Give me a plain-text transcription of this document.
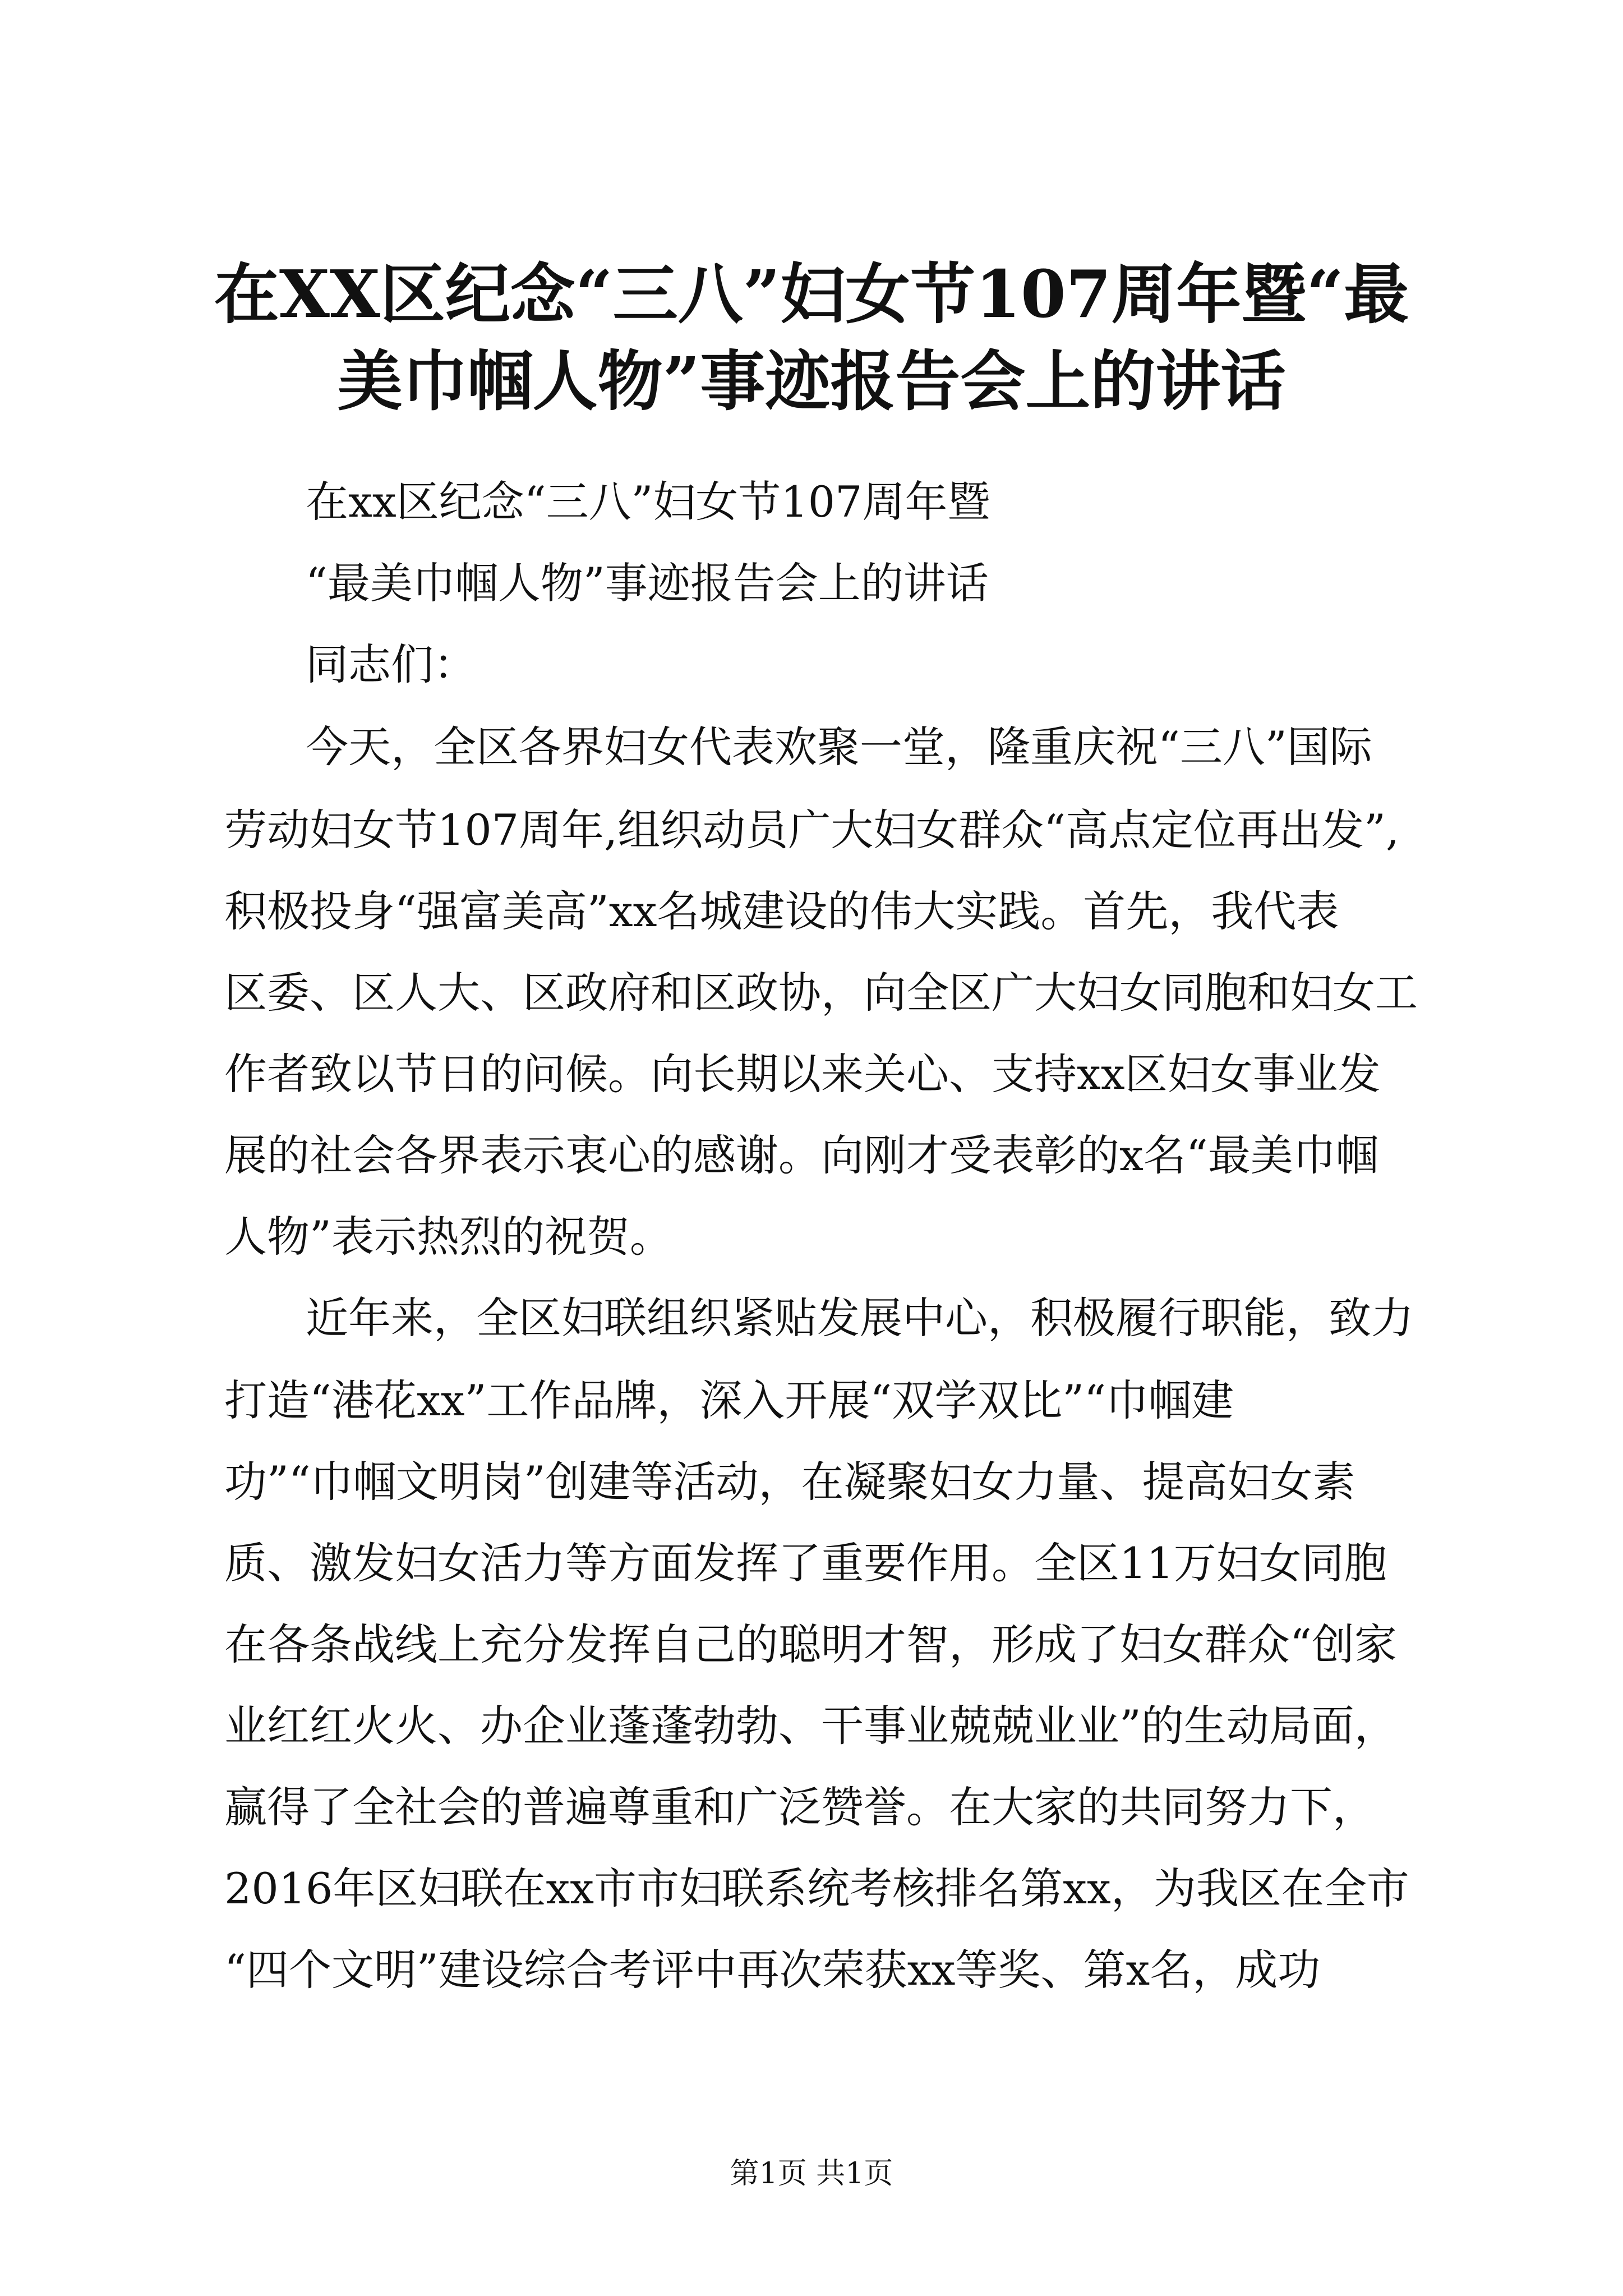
在XX区纪念“三八”妇女节107周年暨“最
美巾帼人物”事迹报告会上的讲话

在xx区纪念“三八”妇女节107周年暨

“最美巾帼人物”事迹报告会上的讲话

同志们：

今天，全区各界妇女代表欢聚一堂，隆重庆祝“三八”国际

劳动妇女节107周年,组织动员广大妇女群众“高点定位再出发”,

积极投身“强富美高”xx名城建设的伟大实践。首先，我代表

区委、区人大、区政府和区政协，向全区广大妇女同胞和妇女工

作者致以节日的问候。向长期以来关心、支持xx区妇女事业发

展的社会各界表示衷心的感谢。向刚才受表彰的x名“最美巾帼

人物”表示热烈的祝贺。

近年来，全区妇联组织紧贴发展中心，积极履行职能，致力

打造“港花xx”工作品牌，深入开展“双学双比”“巾帼建

功”“巾帼文明岗”创建等活动，在凝聚妇女力量、提高妇女素

质、激发妇女活力等方面发挥了重要作用。全区11万妇女同胞

在各条战线上充分发挥自己的聪明才智，形成了妇女群众“创家

业红红火火、办企业蓬蓬勃勃、干事业兢兢业业”的生动局面，

赢得了全社会的普遍尊重和广泛赞誉。在大家的共同努力下，

2016年区妇联在xx市市妇联系统考核排名第xx，为我区在全市

“四个文明”建设综合考评中再次荣获xx等奖、第x名，成功

第1页 共1页
